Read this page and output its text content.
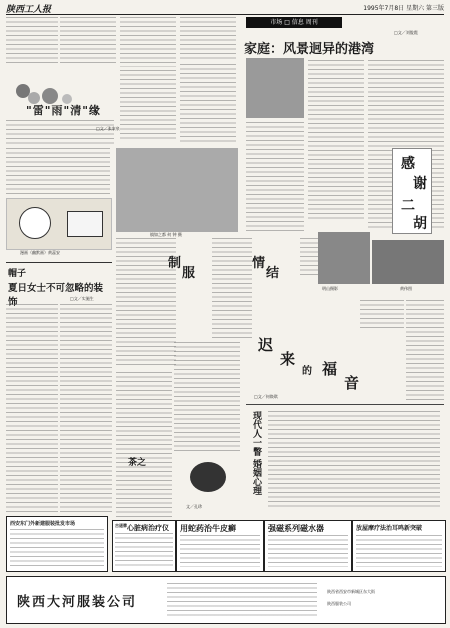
陕西工人报	1995年7月8日 星期六 第三版
"雷"雨"清"缘
□文／张家泉
漫画（幽默画）黄蕊安
市场 □ 信息 周刊
家庭：风景迥异的港湾
□文／刘俊霞
镇如之都 何 钟 摄
感
谢
二
胡
制
服
情
结
明山摄影	黄伟图
帽子
夏日女士不可忽略的装饰	□文／实施生
茶之
文／孔珍
迟
来
的 福
音
□文／何焕琪
现代人一瞥 婚姻心理
西安东门外新建服装批发市场	古道牌 心脏病治疗仪 用蛇药治牛皮癣	强磁系列磁水器	放屋摩疗法治耳鸣新突破
陕西大河服装公司
陕西省西安市新城区东大街
陕西服装公司
